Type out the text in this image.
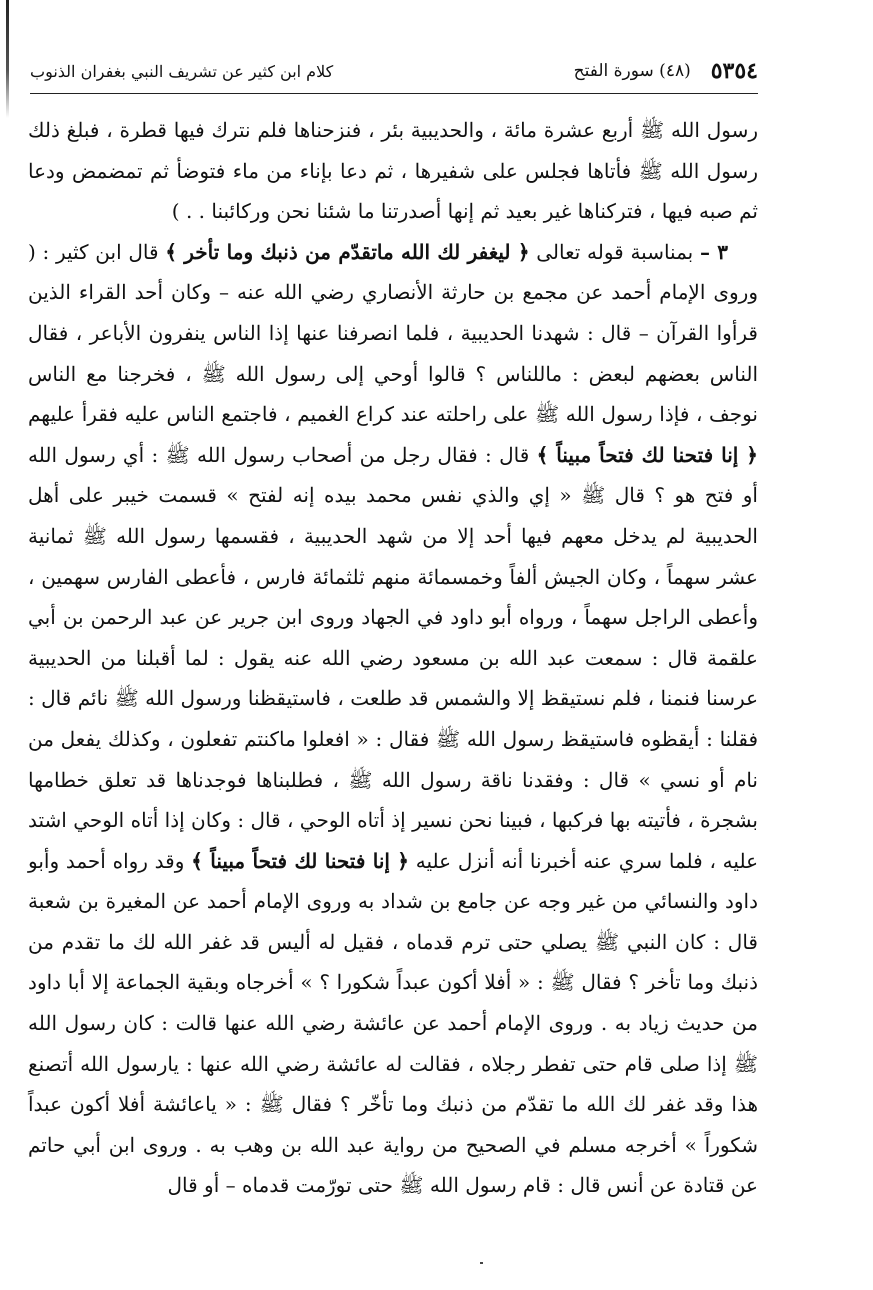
٥٣٥٤
(٤٨) سورة الفتح
كلام ابن كثير عن تشريف النبي بغفران الذنوب

رسول الله ﷺ أربع عشرة مائة ، والحديبية بئر ، فنزحناها فلم نترك فيها قطرة ، فبلغ ذلك رسول الله ﷺ فأتاها فجلس على شفيرها ، ثم دعا بإناء من ماء فتوضأ ثم تمضمض ودعا ثم صبه فيها ، فتركناها غير بعيد ثم إنها أصدرتنا ما شئنا نحن وركائبنا . . )

٣ – بمناسبة قوله تعالى ﴿ ليغفر لك الله ماتقدّم من ذنبك وما تأخر ﴾ قال ابن كثير : ( وروى الإمام أحمد عن مجمع بن حارثة الأنصاري رضي الله عنه – وكان أحد القراء الذين قرأوا القرآن – قال : شهدنا الحديبية ، فلما انصرفنا عنها إذا الناس ينفرون الأباعر ، فقال الناس بعضهم لبعض : ماللناس ؟ قالوا أوحي إلى رسول الله ﷺ ، فخرجنا مع الناس نوجف ، فإذا رسول الله ﷺ على راحلته عند كراع الغميم ، فاجتمع الناس عليه فقرأ عليهم ﴿ إنا فتحنا لك فتحاً مبيناً ﴾ قال : فقال رجل من أصحاب رسول الله ﷺ : أي رسول الله أو فتح هو ؟ قال ﷺ « إي والذي نفس محمد بيده إنه لفتح » قسمت خيبر على أهل الحديبية لم يدخل معهم فيها أحد إلا من شهد الحديبية ، فقسمها رسول الله ﷺ ثمانية عشر سهماً ، وكان الجيش ألفاً وخمسمائة منهم ثلثمائة فارس ، فأعطى الفارس سهمين ، وأعطى الراجل سهماً ، ورواه أبو داود في الجهاد وروى ابن جرير عن عبد الرحمن بن أبي علقمة قال : سمعت عبد الله بن مسعود رضي الله عنه يقول : لما أقبلنا من الحديبية عرسنا فنمنا ، فلم نستيقظ إلا والشمس قد طلعت ، فاستيقظنا ورسول الله ﷺ نائم قال : فقلنا : أيقظوه فاستيقظ رسول الله ﷺ فقال : « افعلوا ماكنتم تفعلون ، وكذلك يفعل من نام أو نسي » قال : وفقدنا ناقة رسول الله ﷺ ، فطلبناها فوجدناها قد تعلق خطامها بشجرة ، فأتيته بها فركبها ، فبينا نحن نسير إذ أتاه الوحي ، قال : وكان إذا أتاه الوحي اشتد عليه ، فلما سري عنه أخبرنا أنه أنزل عليه ﴿ إنا فتحنا لك فتحاً مبيناً ﴾ وقد رواه أحمد وأبو داود والنسائي من غير وجه عن جامع بن شداد به وروى الإمام أحمد عن المغيرة بن شعبة قال : كان النبي ﷺ يصلي حتى ترم قدماه ، فقيل له أليس قد غفر الله لك ما تقدم من ذنبك وما تأخر ؟ فقال ﷺ : « أفلا أكون عبداً شكورا ؟ » أخرجاه وبقية الجماعة إلا أبا داود من حديث زياد به . وروى الإمام أحمد عن عائشة رضي الله عنها قالت : كان رسول الله ﷺ إذا صلى قام حتى تفطر رجلاه ، فقالت له عائشة رضي الله عنها : يارسول الله أتصنع هذا وقد غفر لك الله ما تقدّم من ذنبك وما تأخّر ؟ فقال ﷺ : « ياعائشة أفلا أكون عبداً شكوراً » أخرجه مسلم في الصحيح من رواية عبد الله بن وهب به . وروى ابن أبي حاتم عن قتادة عن أنس قال : قام رسول الله ﷺ حتى تورّمت قدماه – أو قال
